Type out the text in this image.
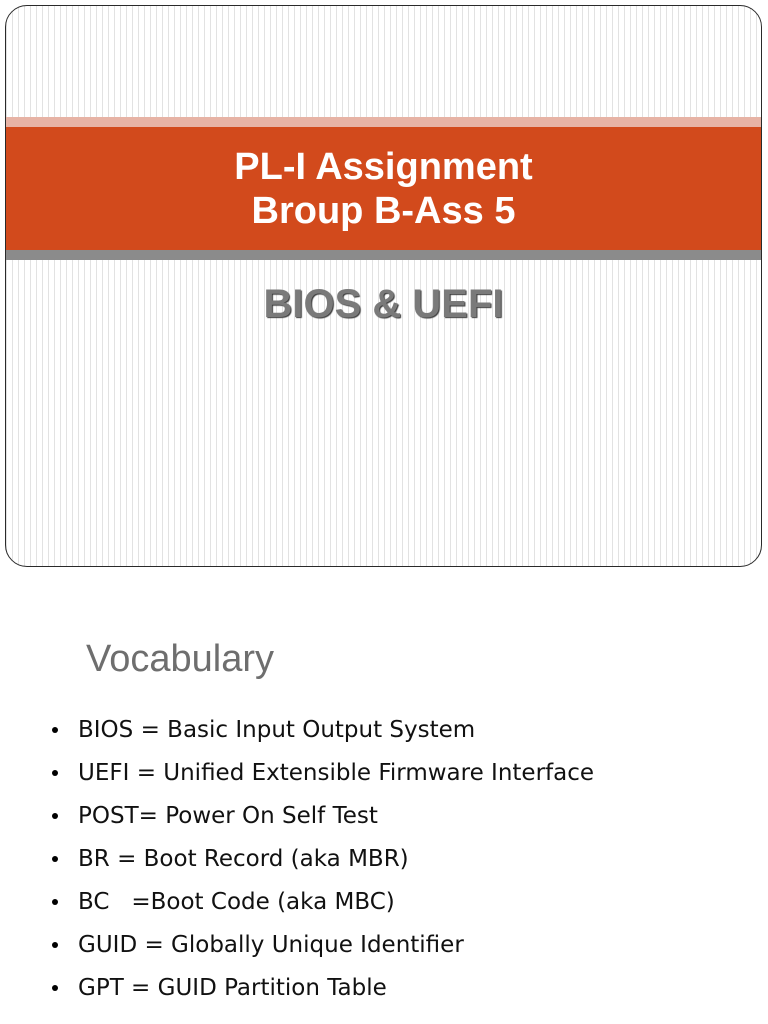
PL-I Assignment
Broup B-Ass 5
BIOS & UEFI
Vocabulary
BIOS = Basic Input Output System
UEFI = Unified Extensible Firmware Interface
POST= Power On Self Test
BR = Boot Record (aka MBR)
BC   =Boot Code (aka MBC)
GUID = Globally Unique Identifier
GPT = GUID Partition Table
